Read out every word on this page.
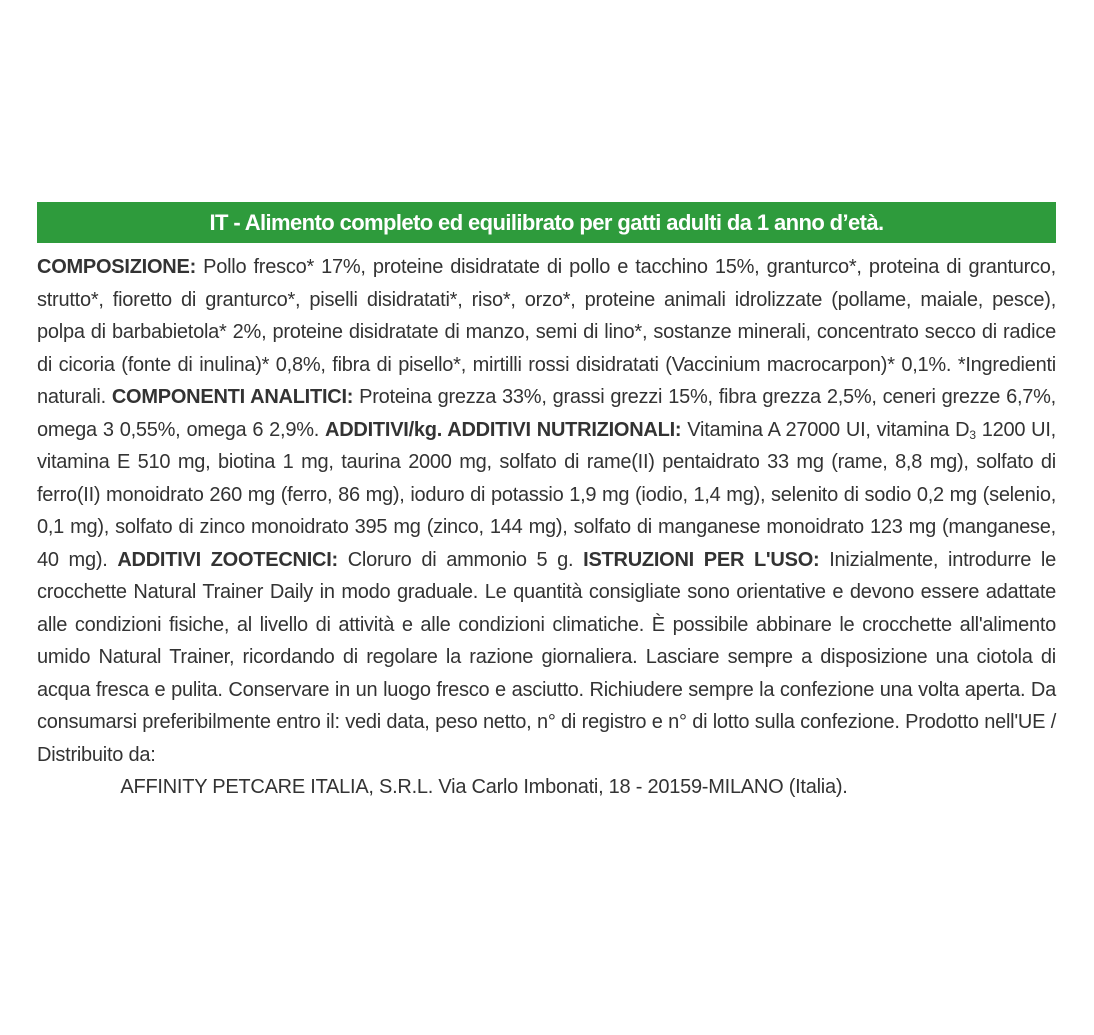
IT - Alimento completo ed equilibrato per gatti adulti da 1 anno d’età.
COMPOSIZIONE: Pollo fresco* 17%, proteine disidratate di pollo e tacchino 15%, granturco*, proteina di granturco, strutto*, fioretto di granturco*, piselli disidratati*, riso*, orzo*, proteine animali idrolizzate (pollame, maiale, pesce), polpa di barbabietola* 2%, proteine disidratate di manzo, semi di lino*, sostanze minerali, concentrato secco di radice di cicoria (fonte di inulina)* 0,8%, fibra di pisello*, mirtilli rossi disidratati (Vaccinium macrocarpon)* 0,1%. *Ingredienti naturali. COMPONENTI ANALITICI: Proteina grezza 33%, grassi grezzi 15%, fibra grezza 2,5%, ceneri grezze 6,7%, omega 3 0,55%, omega 6 2,9%. ADDITIVI/kg. ADDITIVI NUTRIZIONALI: Vitamina A 27000 UI, vitamina $D_3$ 1200 UI, vitamina E 510 mg, biotina 1 mg, taurina 2000 mg, solfato di rame(II) pentaidrato 33 mg (rame, 8,8 mg), solfato di ferro(II) monoidrato 260 mg (ferro, 86 mg), ioduro di potassio 1,9 mg (iodio, 1,4 mg), selenito di sodio 0,2 mg (selenio, 0,1 mg), solfato di zinco monoidrato 395 mg (zinco, 144 mg), solfato di manganese monoidrato 123 mg (manganese, 40 mg). ADDITIVI ZOOTECNICI: Cloruro di ammonio 5 g. ISTRUZIONI PER L'USO: Inizialmente, introdurre le crocchette Natural Trainer Daily in modo graduale. Le quantità consigliate sono orientative e devono essere adattate alle condizioni fisiche, al livello di attività e alle condizioni climatiche. È possibile abbinare le crocchette all'alimento umido Natural Trainer, ricordando di regolare la razione giornaliera. Lasciare sempre a disposizione una ciotola di acqua fresca e pulita. Conservare in un luogo fresco e asciutto. Richiudere sempre la confezione una volta aperta. Da consumarsi preferibilmente entro il: vedi data, peso netto, n° di registro e n° di lotto sulla confezione. Prodotto nell'UE / Distribuito da:
AFFINITY PETCARE ITALIA, S.R.L. Via Carlo Imbonati, 18 - 20159-MILANO (Italia).
